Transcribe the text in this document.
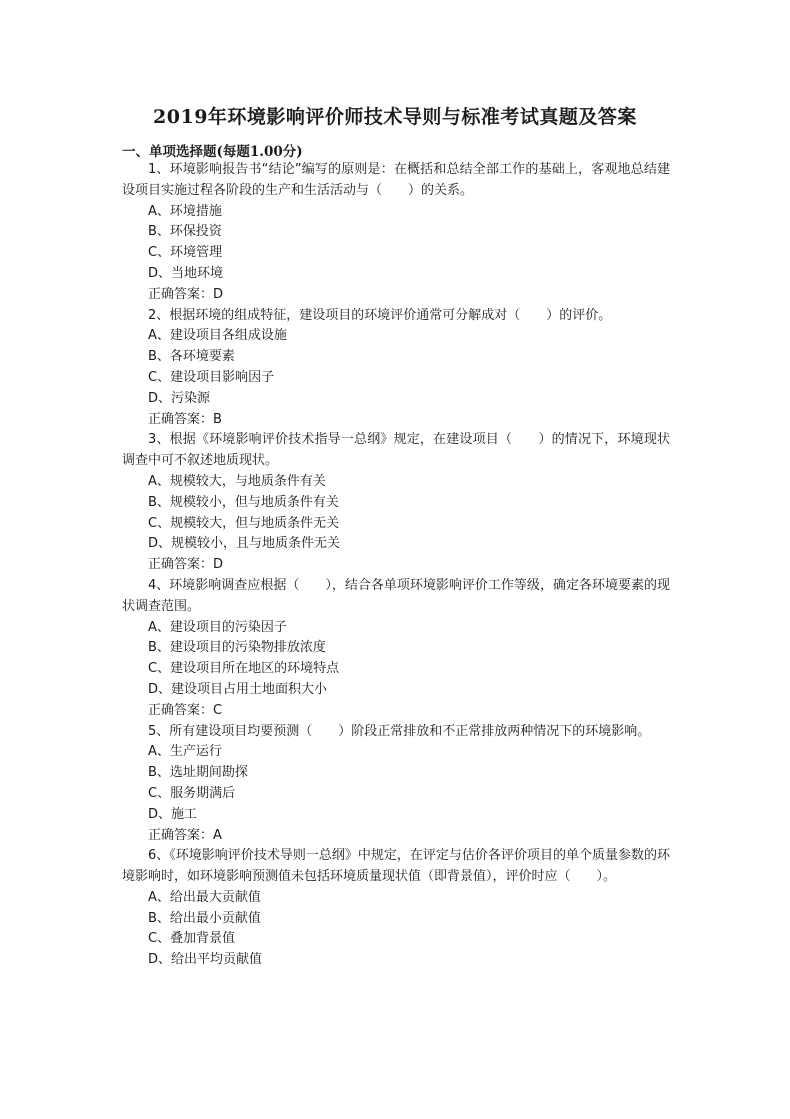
2019年环境影响评价师技术导则与标准考试真题及答案
一、单项选择题(每题1.00分)

1、环境影响报告书“结论”编写的原则是：在概括和总结全部工作的基础上，客观地总结建设项目实施过程各阶段的生产和生活活动与（　　）的关系。

A、环境措施

B、环保投资

C、环境管理

D、当地环境

正确答案：D

2、根据环境的组成特征，建设项目的环境评价通常可分解成对（　　）的评价。

A、建设项目各组成设施

B、各环境要素

C、建设项目影响因子

D、污染源

正确答案：B

3、根据《环境影响评价技术指导一总纲》规定，在建设项目（　　）的情况下，环境现状调查中可不叙述地质现状。

A、规模较大，与地质条件有关

B、规模较小，但与地质条件有关

C、规模较大，但与地质条件无关

D、规模较小，且与地质条件无关

正确答案：D

4、环境影响调查应根据（　　），结合各单项环境影响评价工作等级，确定各环境要素的现状调查范围。

A、建设项目的污染因子

B、建设项目的污染物排放浓度

C、建设项目所在地区的环境特点

D、建设项目占用土地面积大小

正确答案：C

5、所有建设项目均要预测（　　）阶段正常排放和不正常排放两种情况下的环境影响。

A、生产运行

B、选址期间勘探

C、服务期满后

D、施工

正确答案：A

6、《环境影响评价技术导则一总纲》中规定，在评定与估价各评价项目的单个质量参数的环境影响时，如环境影响预测值未包括环境质量现状值（即背景值），评价时应（　　）。

A、给出最大贡献值

B、给出最小贡献值

C、叠加背景值

D、给出平均贡献值
